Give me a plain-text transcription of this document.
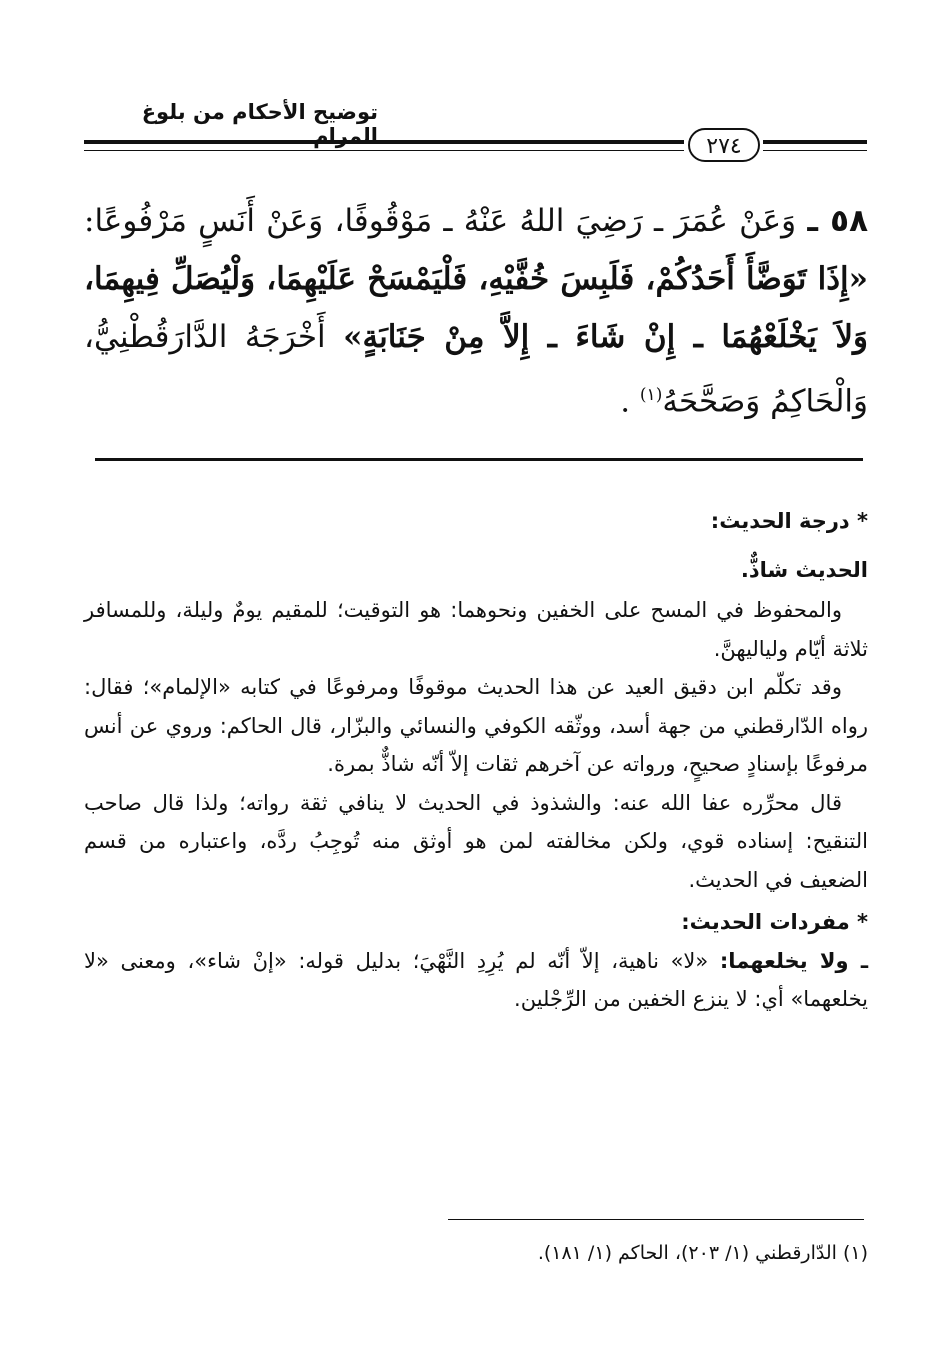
توضيح الأحكام من بلوغ المرام	٢٧٤
٥٨ ـ وَعَنْ عُمَرَ ـ رَضِيَ اللهُ عَنْهُ ـ مَوْقُوفًا، وَعَنْ أَنَسٍ مَرْفُوعًا: «إِذَا تَوَضَّأَ أَحَدُكُمْ، فَلَبِسَ خُفَّيْهِ، فَلْيَمْسَحْ عَلَيْهِمَا، وَلْيُصَلِّ فِيهِمَا، وَلاَ يَخْلَعْهُمَا ـ إِنْ شَاءَ ـ إِلاَّ مِنْ جَنَابَةٍ» أَخْرَجَهُ الدَّارَقُطْنِيُّ، وَالْحَاكِمُ وَصَحَّحَهُ$^{(١)}$ .

* درجة الحديث:

الحديث شاذٌّ.

والمحفوظ في المسح على الخفين ونحوهما: هو التوقيت؛ للمقيم يومٌ وليلة، وللمسافر ثلاثة أيّام ولياليهنَّ.

وقد تكلّم ابن دقيق العيد عن هذا الحديث موقوفًا ومرفوعًا في كتابه «الإلمام»؛ فقال: رواه الدّارقطني من جهة أسد، ووثّقه الكوفي والنسائي والبزّار، قال الحاكم: وروي عن أنس مرفوعًا بإسنادٍ صحيحٍ، ورواته عن آخرهم ثقات إلاّ أنّه شاذٌّ بمرة.

قال محرِّره عفا الله عنه: والشذوذ في الحديث لا ينافي ثقة رواته؛ ولذا قال صاحب التنقيح: إسناده قوي، ولكن مخالفته لمن هو أوثق منه تُوجِبُ ردَّه، واعتباره من قسم الضعيف في الحديث.

* مفردات الحديث:

ـ ولا يخلعهما: «لا» ناهية، إلاّ أنّه لم يُرِدِ النَّهْيَ؛ بدليل قوله: «إنْ شاء»، ومعنى «لا يخلعهما» أي: لا ينزع الخفين من الرِّجْلين.

(١) الدّارقطني (١/ ٢٠٣)، الحاكم (١/ ١٨١).
